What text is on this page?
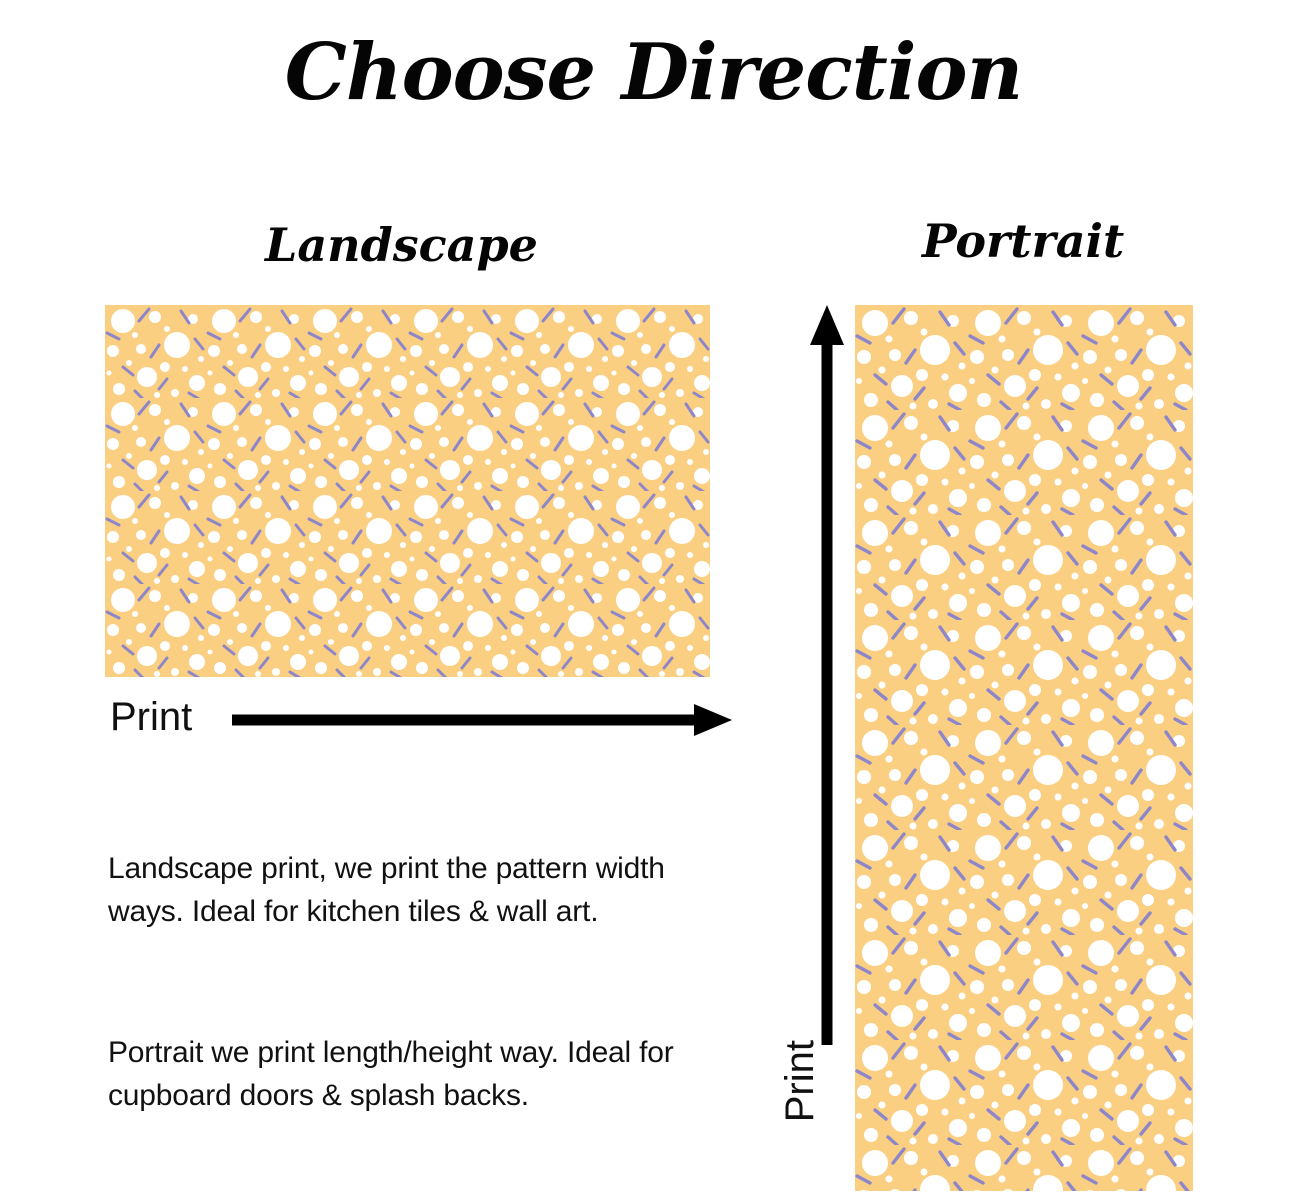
Choose Direction
Landscape
Print
Landscape print, we print the pattern width ways. Ideal for kitchen tiles & wall art.
Portrait
Print
Portrait we print length/height way. Ideal for cupboard doors & splash backs.
